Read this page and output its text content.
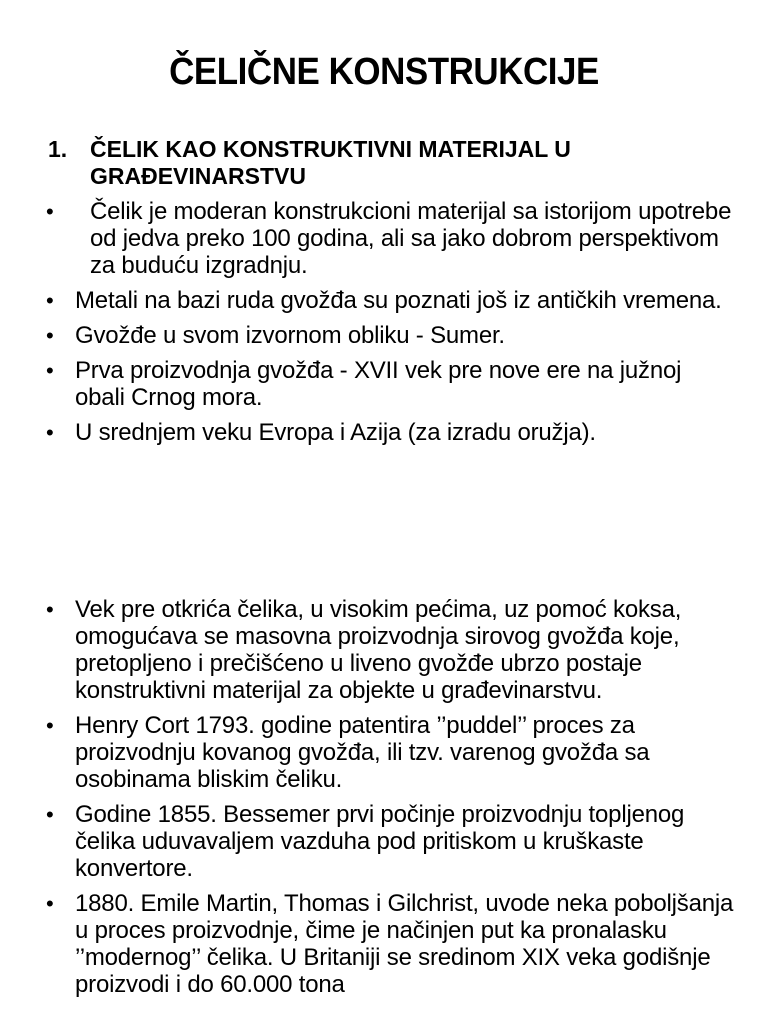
ČELIČNE KONSTRUKCIJE
1. ČELIK KAO KONSTRUKTIVNI MATERIJAL U GRAĐEVINARSTVU
• Čelik je moderan konstrukcioni materijal sa istorijom upotrebe od jedva preko 100 godina, ali sa jako dobrom perspektivom za buduću izgradnju.
• Metali na bazi ruda gvožđa su poznati još iz antičkih vremena.
• Gvožđe u svom izvornom obliku - Sumer.
• Prva proizvodnja gvožđa - XVII vek pre nove ere na južnoj obali Crnog mora.
• U srednjem veku Evropa i Azija (za izradu oružja).
• Vek pre otkrića čelika, u visokim pećima, uz pomoć koksa, omogućava se masovna proizvodnja sirovog gvožđa koje, pretopljeno i prečišćeno u liveno gvožđe ubrzo postaje konstruktivni materijal za objekte u građevinarstvu.
• Henry Cort 1793. godine patentira ’’puddel’’ proces za proizvodnju kovanog gvožđa, ili tzv. varenog gvožđa sa osobinama bliskim čeliku.
• Godine 1855. Bessemer prvi počinje proizvodnju topljenog čelika uduvavaljem vazduha pod pritiskom u kruškaste konvertore.
• 1880. Emile Martin, Thomas i Gilchrist, uvode neka poboljšanja u proces proizvodnje, čime je načinjen put ka pronalasku ’’modernog’’ čelika. U Britaniji se sredinom XIX veka godišnje proizvodi i do 60.000 tona
